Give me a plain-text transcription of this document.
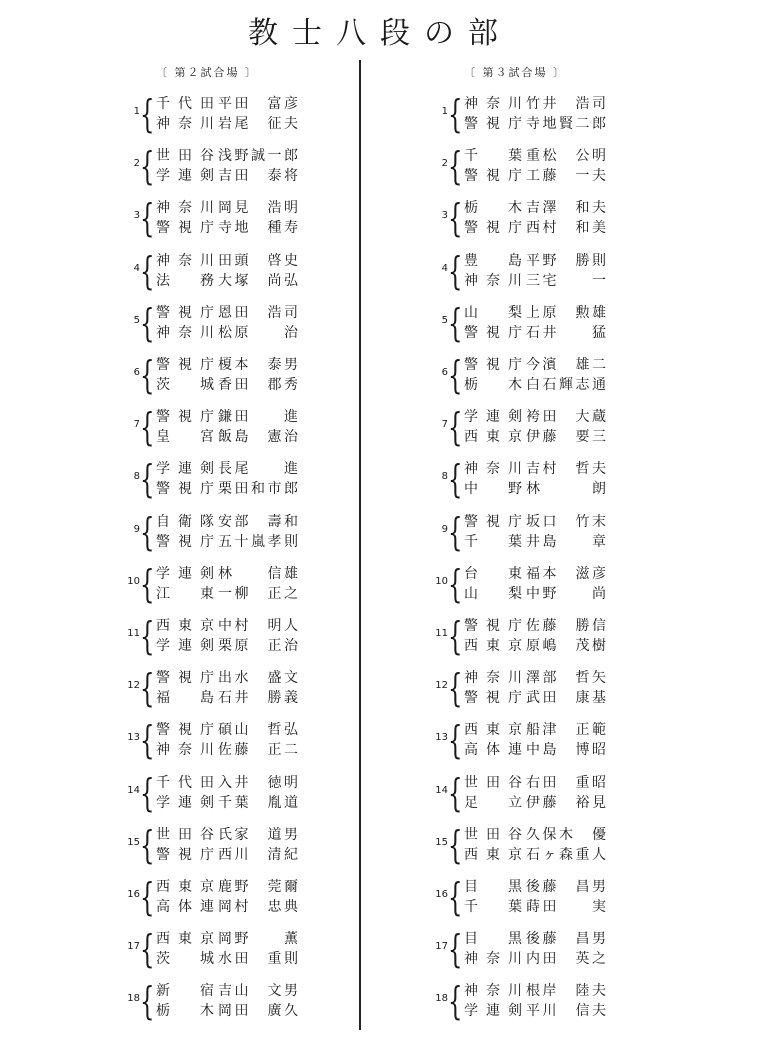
教士八段の部
〔 第２試合場 〕
1 { 千代田 平田　富彦
神奈川 岩尾　征夫
2 { 世田谷 浅野誠一郎
学連剣 吉田　泰将
3 { 神奈川 岡見　浩明
警視庁 寺地　種寿
4 { 神奈川 田頭　啓史
法　務 大塚　尚弘
5 { 警視庁 恩田　浩司
神奈川 松原　　治
6 { 警視庁 榎本　泰男
茨　城 香田　郡秀
7 { 警視庁 鎌田　　進
皇　宮 飯島　憲治
8 { 学連剣 長尾　　進
警視庁 栗田和市郎
9 { 自衛隊 安部　壽和
警視庁 五十嵐孝則
10 { 学連剣 林　　信雄
江　東 一柳　正之
11 { 西東京 中村　明人
学連剣 栗原　正治
12 { 警視庁 出水　盛文
福　島 石井　勝義
13 { 警視庁 碩山　哲弘
神奈川 佐藤　正二
14 { 千代田 入井　徳明
学連剣 千葉　胤道
15 { 世田谷 氏家　道男
警視庁 西川　清紀
16 { 西東京 鹿野　莞爾
高体連 岡村　忠典
17 { 西東京 岡野　　薫
茨　城 水田　重則
18 { 新　宿 吉山　文男
栃　木 岡田　廣久
〔 第３試合場 〕
1 { 神奈川 竹井　浩司
警視庁 寺地賢二郎
2 { 千　葉 重松　公明
警視庁 工藤　一夫
3 { 栃　木 吉澤　和夫
警視庁 西村　和美
4 { 豊　島 平野　勝則
神奈川 三宅　　一
5 { 山　梨 上原　勲雄
警視庁 石井　　猛
6 { 警視庁 今濱　雄二
栃　木 白石輝志通
7 { 学連剣 袴田　大蔵
西東京 伊藤　要三
8 { 神奈川 吉村　哲夫
中　野 林　　朗
9 { 警視庁 坂口　竹末
千　葉 井島　　章
10 { 台　東 福本　滋彦
山　梨 中野　　尚
11 { 警視庁 佐藤　勝信
西東京 原嶋　茂樹
12 { 神奈川 澤部　哲矢
警視庁 武田　康基
13 { 西東京 船津　正範
高体連 中島　博昭
14 { 世田谷 右田　重昭
足　立 伊藤　裕見
15 { 世田谷 久保木　優
西東京 石ヶ森重人
16 { 目　黒 後藤　昌男
千　葉 蒔田　　実
17 { 目　黒 後藤　昌男
神奈川 内田　英之
18 { 神奈川 根岸　陸夫
学連剣 平川　信夫
